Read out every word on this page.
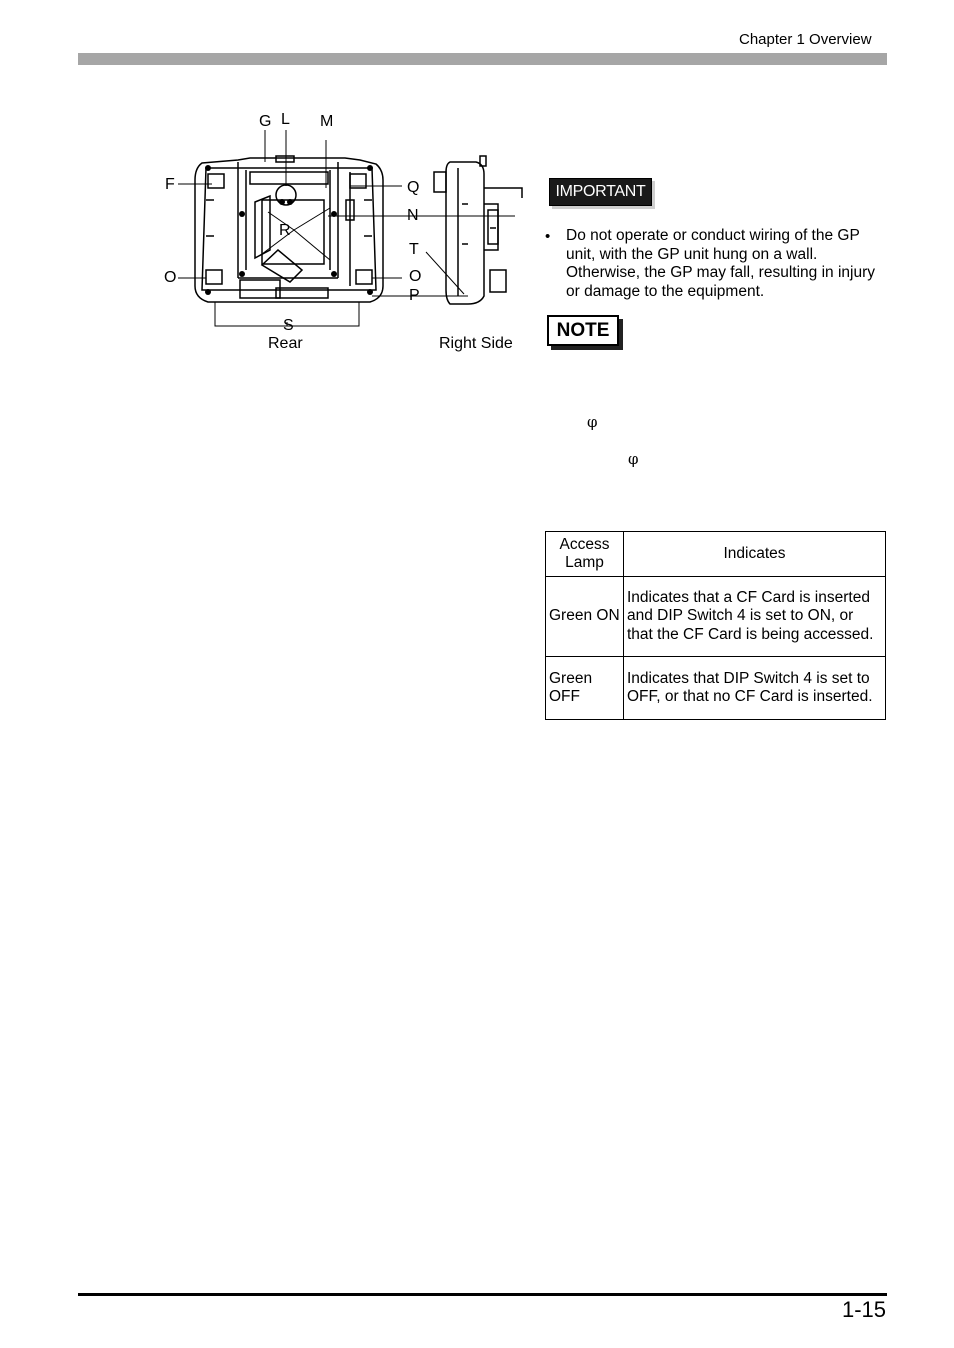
Chapter 1 Overview
G L M
F	Q
N
R
T
O	O
P
S
Rear	Right Side
IMPORTANT
• Do not operate or conduct wiring of the GP unit, with the GP unit hung on a wall. Otherwise, the GP may fall, resulting in injury or damage to the equipment.
NOTE
φ
φ
Access Lamp	Indicates
Green ON	Indicates that a CF Card is inserted and DIP Switch 4 is set to ON, or that the CF Card is being accessed.
Green OFF	Indicates that DIP Switch 4 is set to OFF, or that no CF Card is inserted.
1-15
